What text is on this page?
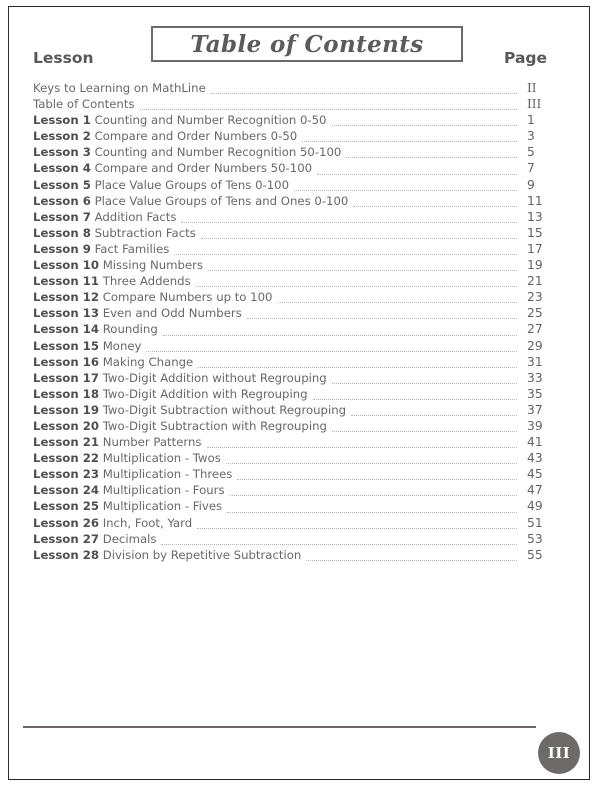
Table of Contents
Lesson	Page
Keys to Learning on MathLine	II
Table of Contents	III
Lesson 1 Counting and Number Recognition 0-50	1
Lesson 2 Compare and Order Numbers 0-50	3
Lesson 3 Counting and Number Recognition 50-100	5
Lesson 4 Compare and Order Numbers 50-100	7
Lesson 5 Place Value Groups of Tens 0-100	9
Lesson 6 Place Value Groups of Tens and Ones 0-100	11
Lesson 7 Addition Facts	13
Lesson 8 Subtraction Facts	15
Lesson 9 Fact Families	17
Lesson 10 Missing Numbers	19
Lesson 11 Three Addends	21
Lesson 12 Compare Numbers up to 100	23
Lesson 13 Even and Odd Numbers	25
Lesson 14 Rounding	27
Lesson 15 Money	29
Lesson 16 Making Change	31
Lesson 17 Two-Digit Addition without Regrouping	33
Lesson 18 Two-Digit Addition with Regrouping	35
Lesson 19 Two-Digit Subtraction without Regrouping	37
Lesson 20 Two-Digit Subtraction with Regrouping	39
Lesson 21 Number Patterns	41
Lesson 22 Multiplication - Twos	43
Lesson 23 Multiplication - Threes	45
Lesson 24 Multiplication - Fours	47
Lesson 25 Multiplication - Fives	49
Lesson 26 Inch, Foot, Yard	51
Lesson 27 Decimals	53
Lesson 28 Division by Repetitive Subtraction	55
III
